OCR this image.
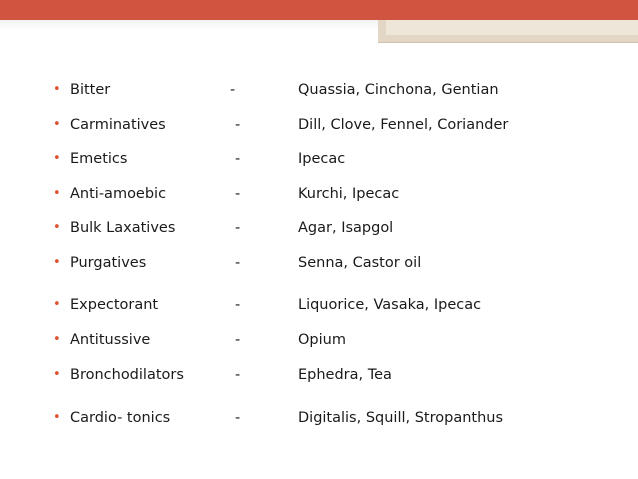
• Bitter	-	Quassia, Cinchona, Gentian
• Carminatives	-	Dill, Clove, Fennel, Coriander
• Emetics	-	Ipecac
• Anti-amoebic	-	Kurchi, Ipecac
• Bulk Laxatives	-	Agar, Isapgol
• Purgatives	-	Senna, Castor oil
• Expectorant	-	Liquorice, Vasaka, Ipecac
• Antitussive	-	Opium
• Bronchodilators	-	Ephedra, Tea
• Cardio- tonics	-	Digitalis, Squill, Stropanthus
